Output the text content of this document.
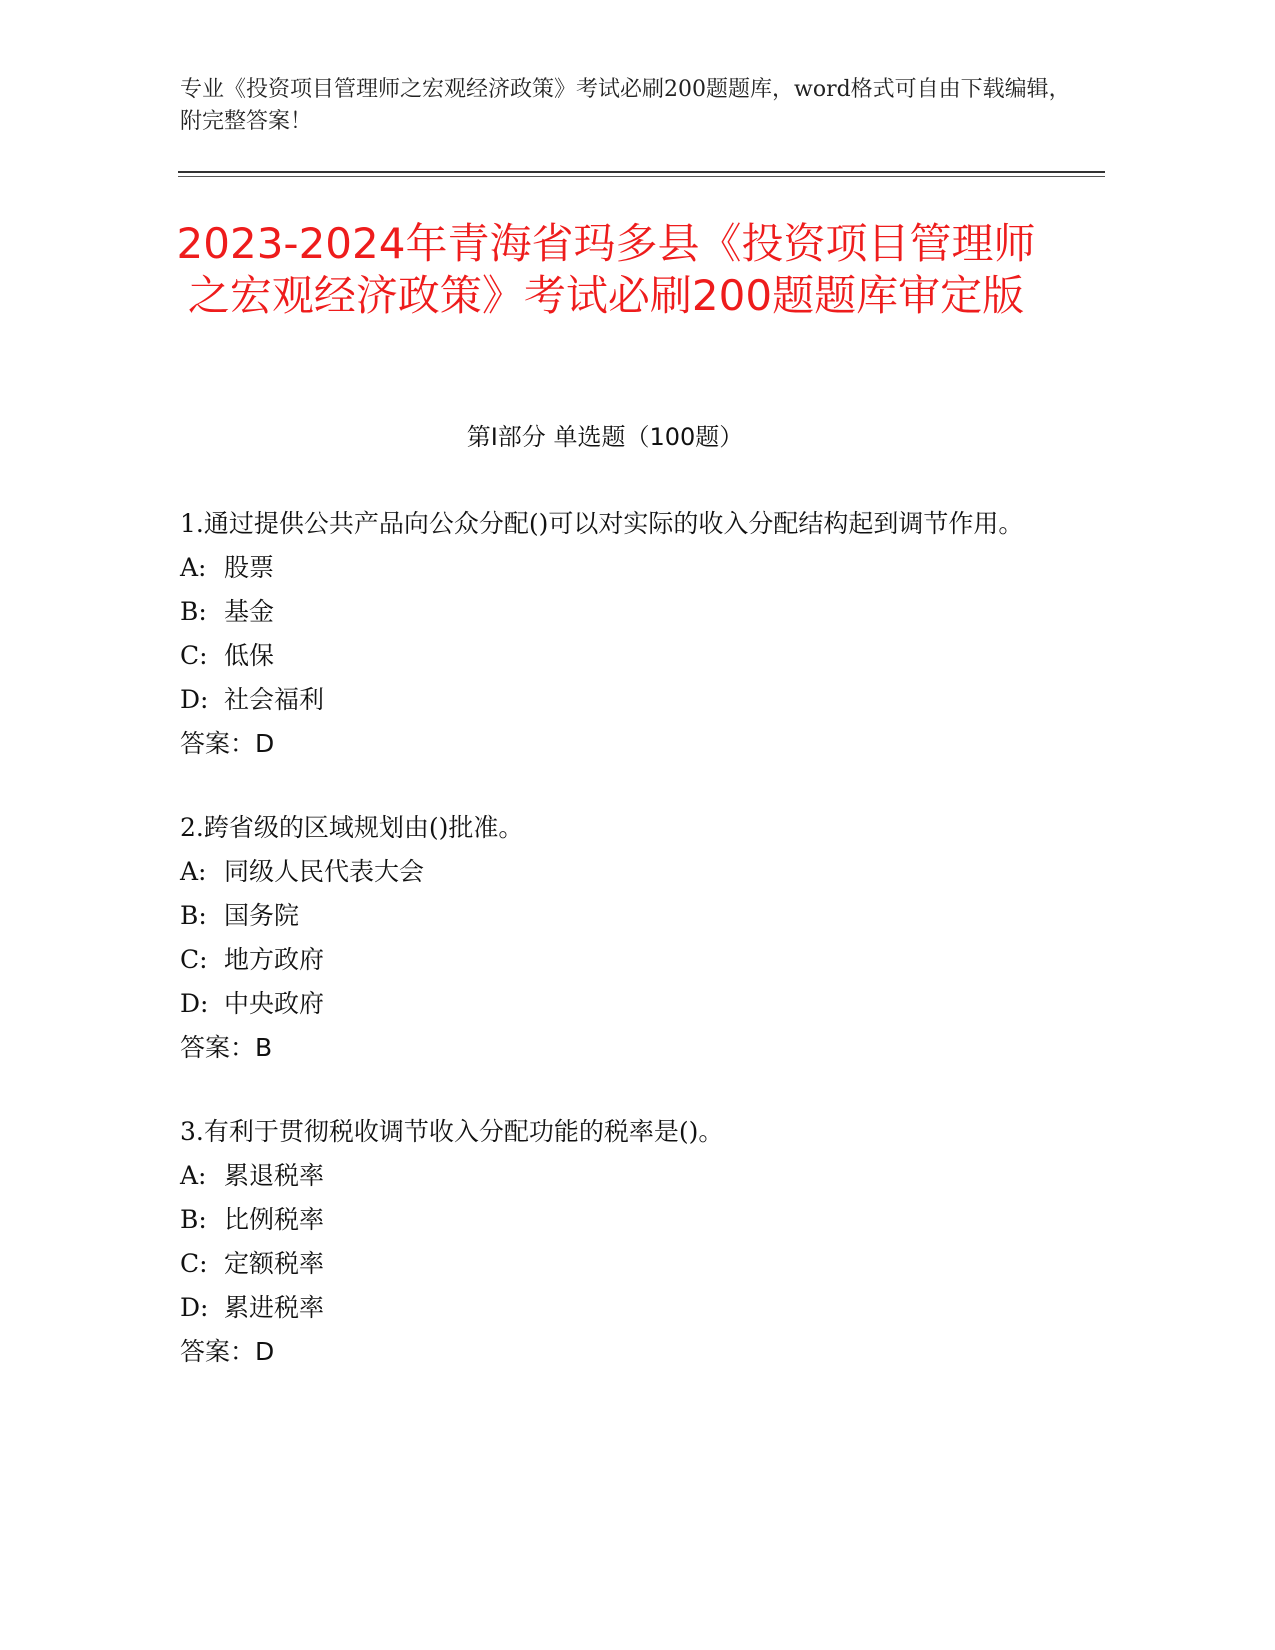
专业《投资项目管理师之宏观经济政策》考试必刷200题题库，word格式可自由下载编辑，附完整答案！
2023-2024年青海省玛多县《投资项目管理师之宏观经济政策》考试必刷200题题库审定版
第Ⅰ部分 单选题（100题）
1.通过提供公共产品向公众分配()可以对实际的收入分配结构起到调节作用。
A: 股票
B: 基金
C: 低保
D: 社会福利
答案：D
2.跨省级的区域规划由()批准。
A: 同级人民代表大会
B: 国务院
C: 地方政府
D: 中央政府
答案：B
3.有利于贯彻税收调节收入分配功能的税率是()。
A: 累退税率
B: 比例税率
C: 定额税率
D: 累进税率
答案：D
